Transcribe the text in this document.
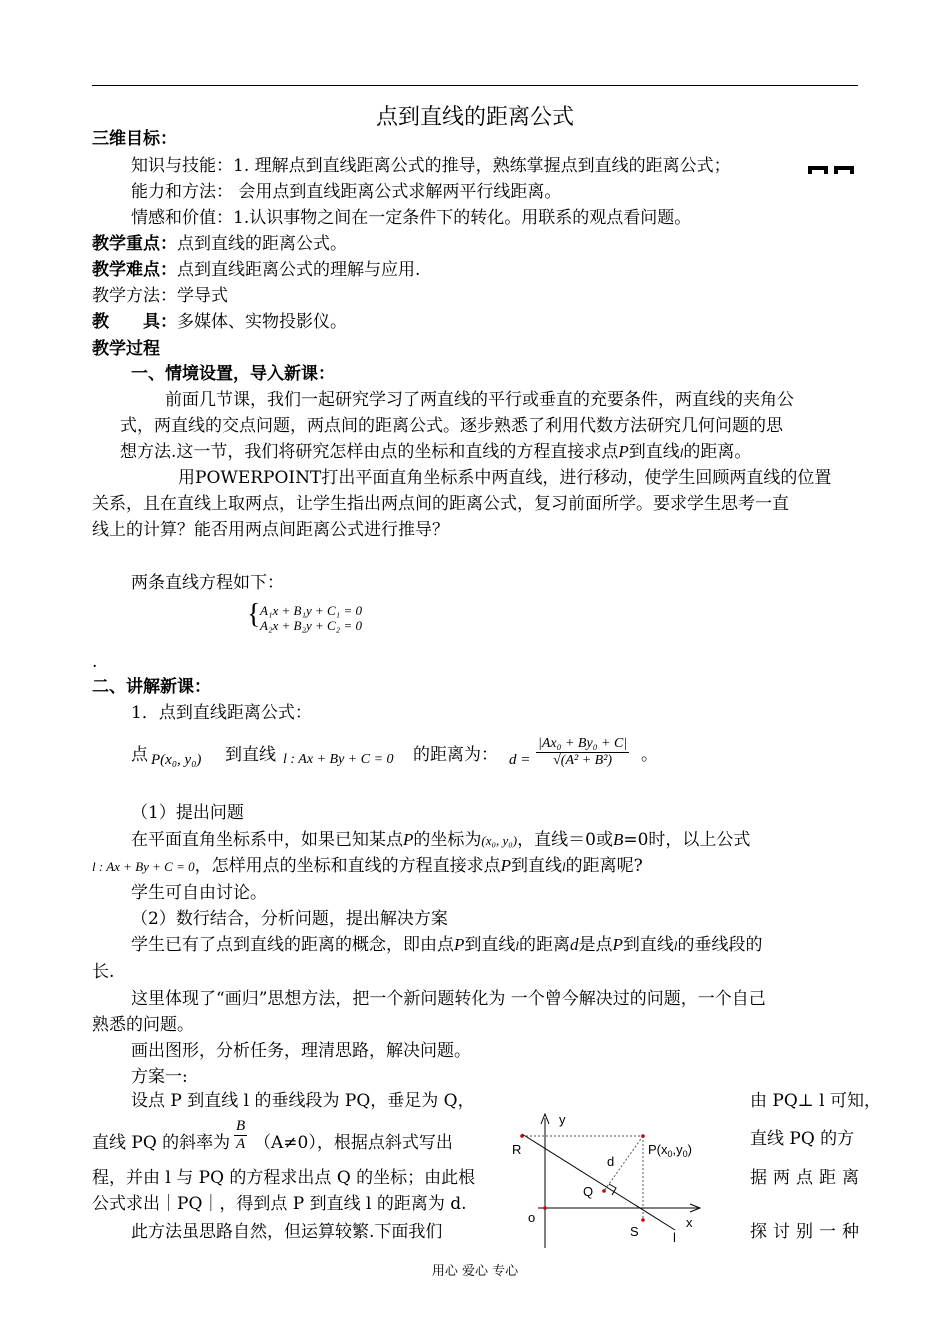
点到直线的距离公式
三维目标：
知识与技能：1. 理解点到直线距离公式的推导，熟练掌握点到直线的距离公式；
能力和方法： 会用点到直线距离公式求解两平行线距离。
情感和价值：1.认识事物之间在一定条件下的转化。用联系的观点看问题。
教学重点：点到直线的距离公式。
教学难点：点到直线距离公式的理解与应用.
教学方法：学导式
教　　具：多媒体、实物投影仪。
教学过程
一、情境设置，导入新课：
前面几节课，我们一起研究学习了两直线的平行或垂直的充要条件，两直线的夹角公
式，两直线的交点问题，两点间的距离公式。逐步熟悉了利用代数方法研究几何问题的思
想方法.这一节，我们将研究怎样由点的坐标和直线的方程直接求点P到直线l的距离。
用POWERPOINT打出平面直角坐标系中两直线，进行移动，使学生回顾两直线的位置
关系，且在直线上取两点，让学生指出两点间的距离公式，复习前面所学。要求学生思考一直
线上的计算？能否用两点间距离公式进行推导？
两条直线方程如下：
{ A₁x + B₁y + C₁ = 0
A₂x + B₂y + C₂ = 0
.
二、讲解新课：
1．点到直线距离公式：
点 P(x₀, y₀) 到直线 l : Ax + By + C = 0 的距离为： $d = \frac{\text{|Ax₀ + By₀ + C|}}{\text{√(A² + B²)}}$ 。
（1）提出问题
在平面直角坐标系中，如果已知某点P的坐标为(x₀, y₀)，直线＝0或B=0时，以上公式
l : Ax + By + C = 0，怎样用点的坐标和直线的方程直接求点P到直线l的距离呢?
学生可自由讨论。
（2）数行结合，分析问题，提出解决方案
学生已有了点到直线的距离的概念，即由点P到直线l的距离d是点P到直线l的垂线段的
长.
这里体现了“画归”思想方法，把一个新问题转化为 一个曾今解决过的问题，一个自己
熟悉的问题。
画出图形，分析任务，理清思路，解决问题。
方案一:
设点 P 到直线 l 的垂线段为 PQ，垂足为 Q，	由 PQ⊥ l 可知，
直线 PQ 的斜率为 $\frac{B}{A} (A\ne 0)$，根据点斜式写出	直线 PQ 的方
程，并由 l 与 PQ 的方程求出点 Q 的坐标；由此根	据两点距离
公式求出｜PQ｜，得到点 P 到直线 l 的距离为 d.
此方法虽思路自然，但运算较繁.下面我们	探讨别一种
y
x
o
R	$P(x_0,y_0)$
d
Q
S	l
用心 爱心 专心
